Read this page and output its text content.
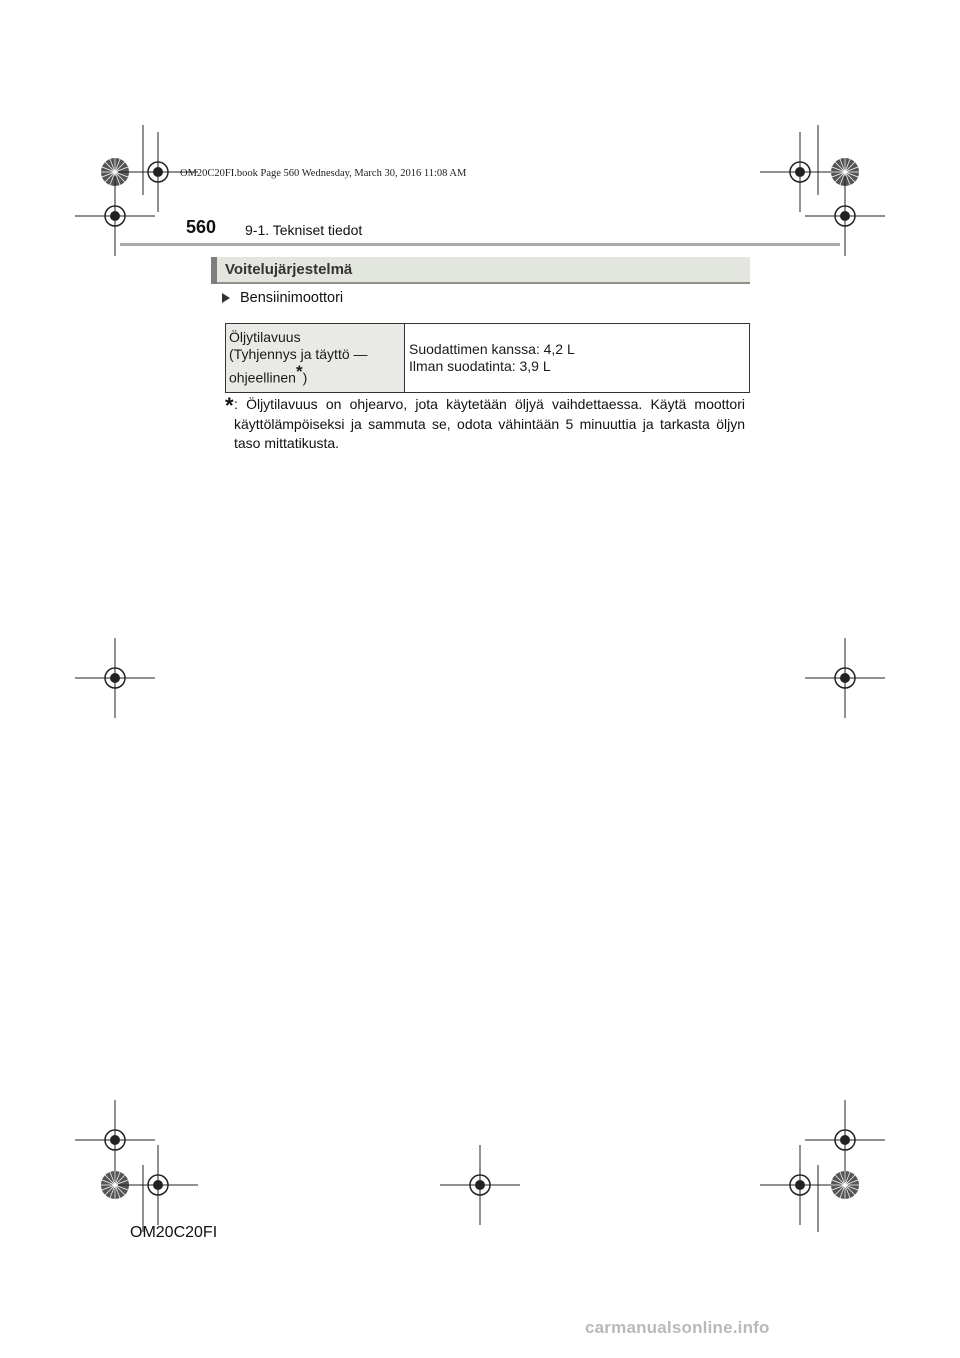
OM20C20FI.book Page 560 Wednesday, March 30, 2016 11:08 AM
560 9-1. Tekniset tiedot
Voitelujärjestelmä
Bensiinimoottori
Öljytilavuus
(Tyhjennys ja täyttö —
ohjeellinen*)	Suodattimen kanssa: 4,2 L
Ilman suodatinta: 3,9 L
* : Öljytilavuus on ohjearvo, jota käytetään öljyä vaihdettaessa. Käytä moottori käyttölämpöiseksi ja sammuta se, odota vähintään 5 minuuttia ja tarkasta öljyn taso mittatikusta.
OM20C20FI
carmanualsonline.info
